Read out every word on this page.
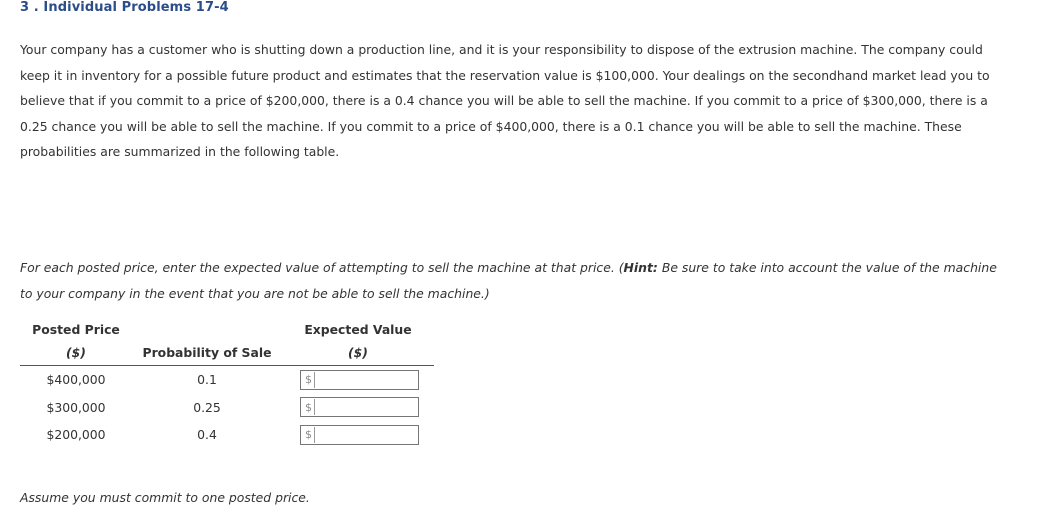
3 . Individual Problems 17-4
Your company has a customer who is shutting down a production line, and it is your responsibility to dispose of the extrusion machine. The company could keep it in inventory for a possible future product and estimates that the reservation value is $100,000. Your dealings on the secondhand market lead you to believe that if you commit to a price of $200,000, there is a 0.4 chance you will be able to sell the machine. If you commit to a price of $300,000, there is a 0.25 chance you will be able to sell the machine. If you commit to a price of $400,000, there is a 0.1 chance you will be able to sell the machine. These probabilities are summarized in the following table.
For each posted price, enter the expected value of attempting to sell the machine at that price. (Hint: Be sure to take into account the value of the machine to your company in the event that you are not be able to sell the machine.)
Posted Price		Expected Value
($)	Probability of Sale	($)
$400,000	0.1	$

$300,000	0.25	$

$200,000	0.4	$
Assume you must commit to one posted price.
